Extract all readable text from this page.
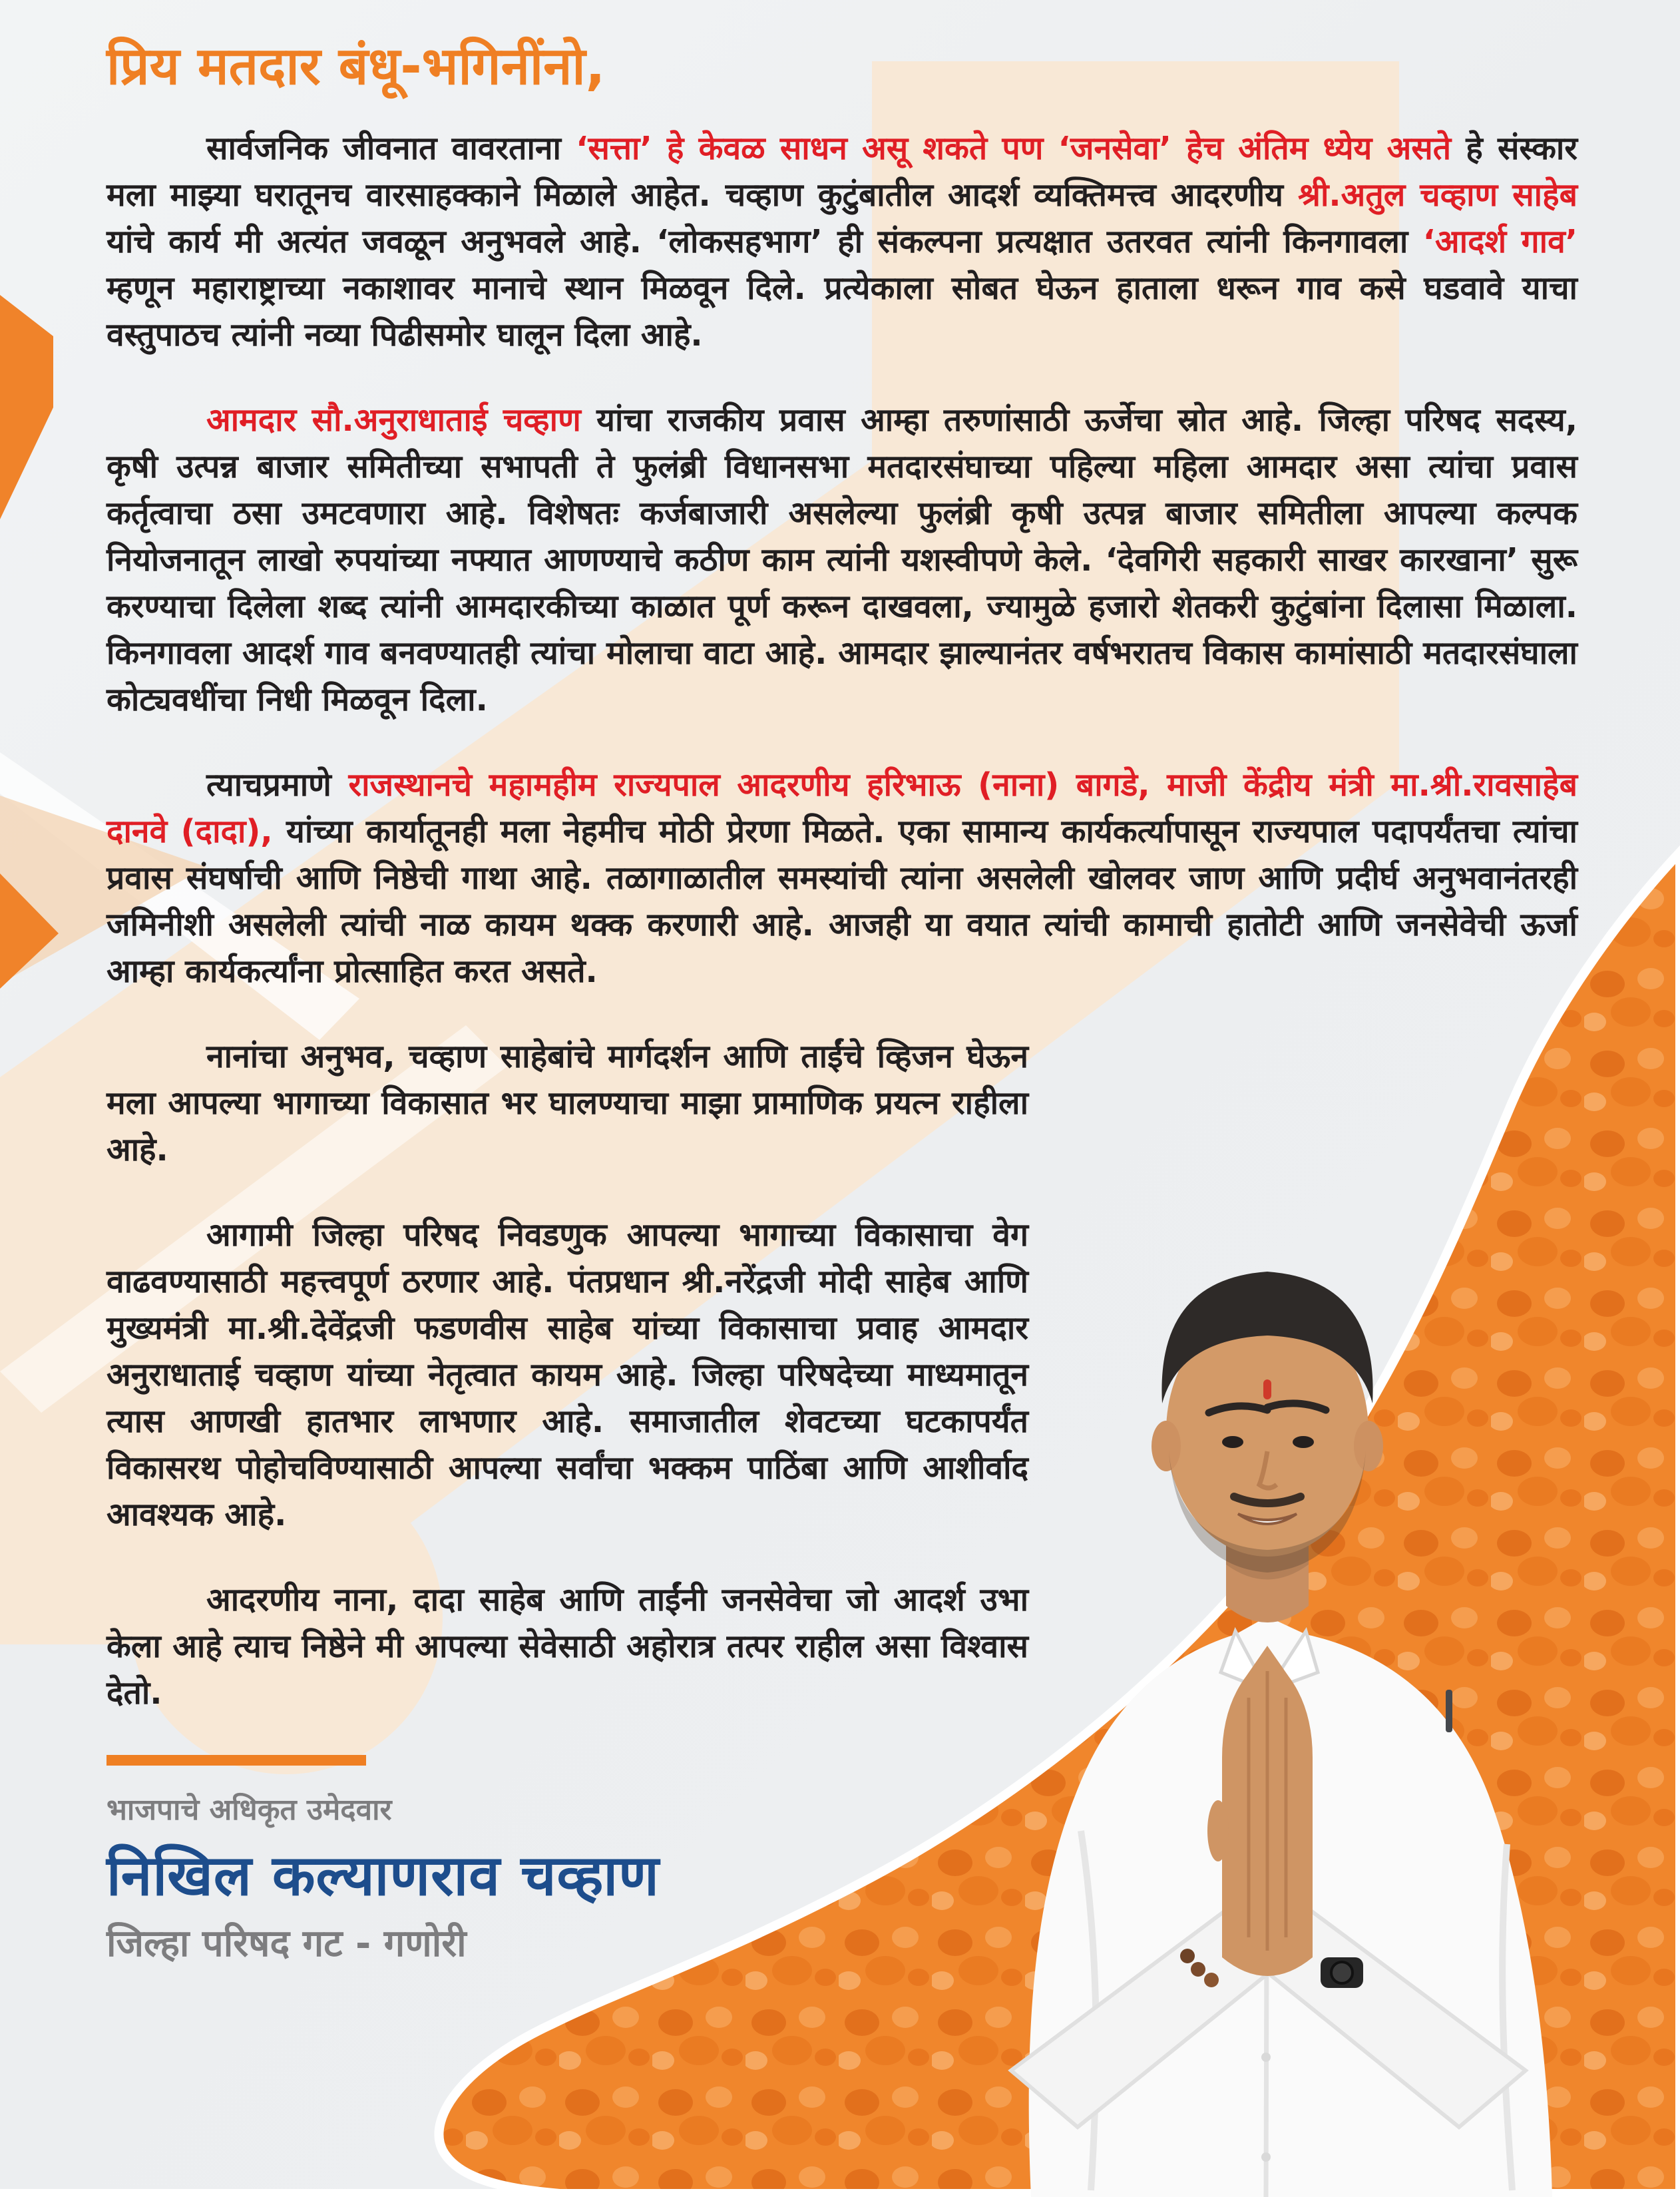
प्रिय मतदार बंधू-भगिनींनो,

सार्वजनिक जीवनात वावरताना ‘सत्ता’ हे केवळ साधन असू शकते पण ‘जनसेवा’ हेच अंतिम ध्येय असते हे संस्कार मला माझ्या घरातूनच वारसाहक्काने मिळाले आहेत. चव्हाण कुटुंबातील आदर्श व्यक्तिमत्त्व आदरणीय श्री.अतुल चव्हाण साहेब यांचे कार्य मी अत्यंत जवळून अनुभवले आहे. ‘लोकसहभाग’ ही संकल्पना प्रत्यक्षात उतरवत त्यांनी किनगावला ‘आदर्श गाव’ म्हणून महाराष्ट्राच्या नकाशावर मानाचे स्थान मिळवून दिले. प्रत्येकाला सोबत घेऊन हाताला धरून गाव कसे घडवावे याचा वस्तुपाठच त्यांनी नव्या पिढीसमोर घालून दिला आहे.

आमदार सौ.अनुराधाताई चव्हाण यांचा राजकीय प्रवास आम्हा तरुणांसाठी ऊर्जेचा स्रोत आहे. जिल्हा परिषद सदस्य, कृषी उत्पन्न बाजार समितीच्या सभापती ते फुलंब्री विधानसभा मतदारसंघाच्या पहिल्या महिला आमदार असा त्यांचा प्रवास कर्तृत्वाचा ठसा उमटवणारा आहे. विशेषतः कर्जबाजारी असलेल्या फुलंब्री कृषी उत्पन्न बाजार समितीला आपल्या कल्पक नियोजनातून लाखो रुपयांच्या नफ्यात आणण्याचे कठीण काम त्यांनी यशस्वीपणे केले. ‘देवगिरी सहकारी साखर कारखाना’ सुरू करण्याचा दिलेला शब्द त्यांनी आमदारकीच्या काळात पूर्ण करून दाखवला, ज्यामुळे हजारो शेतकरी कुटुंबांना दिलासा मिळाला. किनगावला आदर्श गाव बनवण्यातही त्यांचा मोलाचा वाटा आहे. आमदार झाल्यानंतर वर्षभरातच विकास कामांसाठी मतदारसंघाला कोट्यवधींचा निधी मिळवून दिला.

त्याचप्रमाणे राजस्थानचे महामहीम राज्यपाल आदरणीय हरिभाऊ (नाना) बागडे, माजी केंद्रीय मंत्री मा.श्री.रावसाहेब दानवे (दादा), यांच्या कार्यातूनही मला नेहमीच मोठी प्रेरणा मिळते. एका सामान्य कार्यकर्त्यापासून राज्यपाल पदापर्यंतचा त्यांचा प्रवास संघर्षाची आणि निष्ठेची गाथा आहे. तळागाळातील समस्यांची त्यांना असलेली खोलवर जाण आणि प्रदीर्घ अनुभवानंतरही जमिनीशी असलेली त्यांची नाळ कायम थक्क करणारी आहे. आजही या वयात त्यांची कामाची हातोटी आणि जनसेवेची ऊर्जा आम्हा कार्यकर्त्यांना प्रोत्साहित करत असते.

नानांचा अनुभव, चव्हाण साहेबांचे मार्गदर्शन आणि ताईंचे व्हिजन घेऊन मला आपल्या भागाच्या विकासात भर घालण्याचा माझा प्रामाणिक प्रयत्न राहीला आहे.

आगामी जिल्हा परिषद निवडणुक आपल्या भागाच्या विकासाचा वेग वाढवण्यासाठी महत्त्वपूर्ण ठरणार आहे. पंतप्रधान श्री.नरेंद्रजी मोदी साहेब आणि मुख्यमंत्री मा.श्री.देवेंद्रजी फडणवीस साहेब यांच्या विकासाचा प्रवाह आमदार अनुराधाताई चव्हाण यांच्या नेतृत्वात कायम आहे. जिल्हा परिषदेच्या माध्यमातून त्यास आणखी हातभार लाभणार आहे. समाजातील शेवटच्या घटकापर्यंत विकासरथ पोहोचविण्यासाठी आपल्या सर्वांचा भक्कम पाठिंबा आणि आशीर्वाद आवश्यक आहे.

आदरणीय नाना, दादा साहेब आणि ताईंनी जनसेवेचा जो आदर्श उभा केला आहे त्याच निष्ठेने मी आपल्या सेवेसाठी अहोरात्र तत्पर राहील असा विश्वास देतो.

भाजपाचे अधिकृत उमेदवार

निखिल कल्याणराव चव्हाण

जिल्हा परिषद गट - गणोरी
